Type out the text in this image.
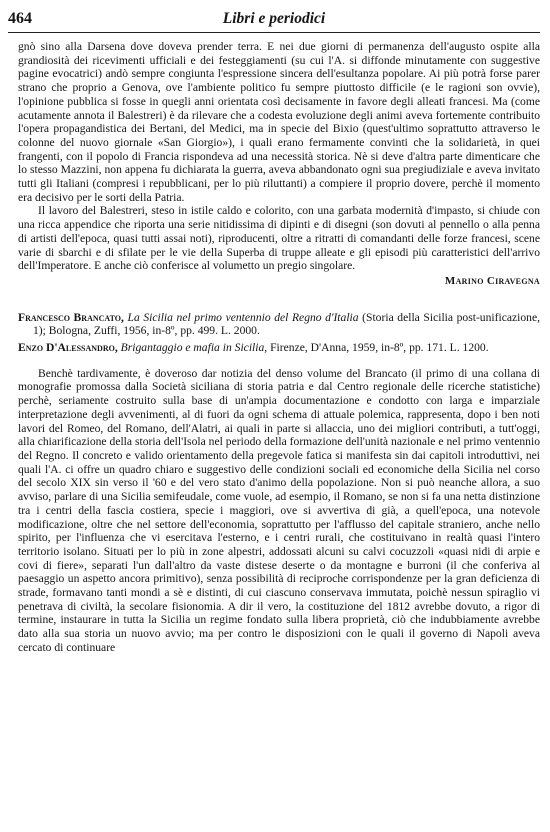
464	Libri e periodici

gnò sino alla Darsena dove doveva prender terra. E nei due giorni di permanenza dell'augusto ospite alla grandiosità dei ricevimenti ufficiali e dei festeggiamenti (su cui l'A. si diffonde minutamente con suggestive pagine evocatrici) andò sempre congiunta l'espressione sincera dell'esultanza popolare. Ai più potrà forse parer strano che proprio a Genova, ove l'ambiente politico fu sempre piuttosto difficile (e le ragioni son ovvie), l'opinione pubblica si fosse in quegli anni orientata così decisamente in favore degli alleati francesi. Ma (come acutamente annota il Balestreri) è da rilevare che a codesta evoluzione degli animi aveva fortemente contribuito l'opera propagandistica dei Bertani, del Medici, ma in specie del Bixio (quest'ultimo soprattutto attraverso le colonne del nuovo giornale «San Giorgio»), i quali erano fermamente convinti che la solidarietà, in quei frangenti, con il popolo di Francia rispondeva ad una necessità storica. Nè si deve d'altra parte dimenticare che lo stesso Mazzini, non appena fu dichiarata la guerra, aveva abbandonato ogni sua pregiudiziale e aveva invitato tutti gli Italiani (compresi i repubblicani, per lo più riluttanti) a compiere il proprio dovere, perchè il momento era decisivo per le sorti della Patria.

Il lavoro del Balestreri, steso in istile caldo e colorito, con una garbata modernità d'impasto, si chiude con una ricca appendice che riporta una serie nitidissima di dipinti e di disegni (son dovuti al pennello o alla penna di artisti dell'epoca, quasi tutti assai noti), riproducenti, oltre a ritratti di comandanti delle forze francesi, scene varie di sbarchi e di sfilate per le vie della Superba di truppe alleate e gli episodi più caratteristici dell'arrivo dell'Imperatore. E anche ciò conferisce al volumetto un pregio singolare.

Marino Ciravegna

Francesco Brancato, La Sicilia nel primo ventennio del Regno d'Italia (Storia della Sicilia post-unificazione, 1); Bologna, Zuffi, 1956, in-8º, pp. 499. L. 2000.

Enzo D'Alessandro, Brigantaggio e mafia in Sicilia, Firenze, D'Anna, 1959, in-8º, pp. 171. L. 1200.

Benchè tardivamente, è doveroso dar notizia del denso volume del Brancato (il primo di una collana di monografie promossa dalla Società siciliana di storia patria e dal Centro regionale delle ricerche statistiche) perchè, seriamente costruito sulla base di un'ampia documentazione e condotto con larga e imparziale interpretazione degli avvenimenti, al di fuori da ogni schema di attuale polemica, rappresenta, dopo i ben noti lavori del Romeo, del Romano, dell'Alatri, ai quali in parte si allaccia, uno dei migliori contributi, a tutt'oggi, alla chiarificazione della storia dell'Isola nel periodo della formazione dell'unità nazionale e nel primo ventennio del Regno. Il concreto e valido orientamento della pregevole fatica si manifesta sin dai capitoli introduttivi, nei quali l'A. ci offre un quadro chiaro e suggestivo delle condizioni sociali ed economiche della Sicilia nel corso del secolo XIX sin verso il '60 e del vero stato d'animo della popolazione. Non si può neanche allora, a suo avviso, parlare di una Sicilia semifeudale, come vuole, ad esempio, il Romano, se non si fa una netta distinzione tra i centri della fascia costiera, specie i maggiori, ove si avvertiva di già, a quell'epoca, una notevole modificazione, oltre che nel settore dell'economia, soprattutto per l'afflusso del capitale straniero, anche nello spirito, per l'influenza che vi esercitava l'esterno, e i centri rurali, che costituivano in realtà quasi l'intero territorio isolano. Situati per lo più in zone alpestri, addossati alcuni su calvi cocuzzoli «quasi nidi di arpie e covi di fiere», separati l'un dall'altro da vaste distese deserte o da montagne e burroni (il che conferiva al paesaggio un aspetto ancora primitivo), senza possibilità di reciproche corrispondenze per la gran deficienza di strade, formavano tanti mondi a sè e distinti, di cui ciascuno conservava immutata, poichè nessun spiraglio vi penetrava di civiltà, la secolare fisionomia. A dir il vero, la costituzione del 1812 avrebbe dovuto, a rigor di termine, instaurare in tutta la Sicilia un regime fondato sulla libera proprietà, ciò che indubbiamente avrebbe dato alla sua storia un nuovo avvio; ma per contro le disposizioni con le quali il governo di Napoli aveva cercato di continuare
